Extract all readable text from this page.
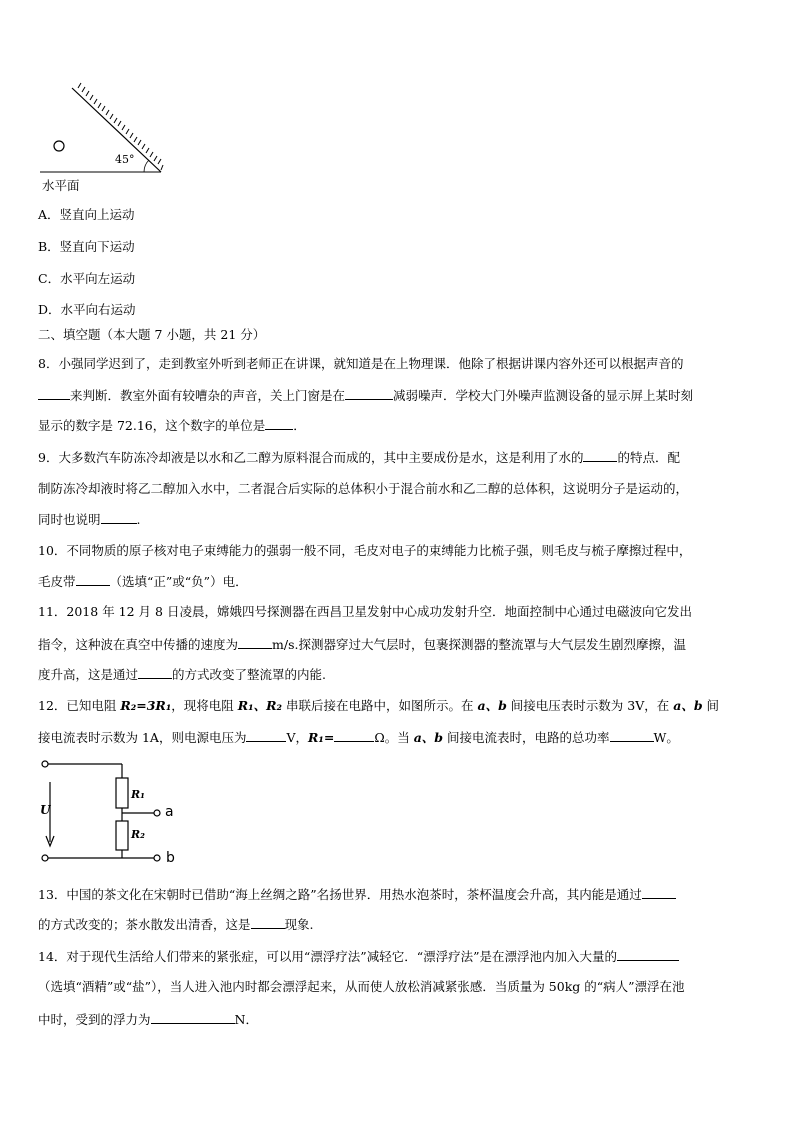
45°
水平面
A．竖直向上运动
B．竖直向下运动
C．水平向左运动
D．水平向右运动
二、填空题（本大题 7 小题，共 21 分）
8．小强同学迟到了，走到教室外听到老师正在讲课，就知道是在上物理课．他除了根据讲课内容外还可以根据声音的
来判断．教室外面有较嘈杂的声音，关上门窗是在	减弱噪声．学校大门外噪声监测设备的显示屏上某时刻
显示的数字是 72.16，这个数字的单位是 ．
9．大多数汽车防冻冷却液是以水和乙二醇为原料混合而成的，其中主要成份是水，这是利用了水的	的特点．配
制防冻冷却液时将乙二醇加入水中，二者混合后实际的总体积小于混合前水和乙二醇的总体积，这说明分子是运动的，
同时也说明	.
10．不同物质的原子核对电子束缚能力的强弱一般不同，毛皮对电子的束缚能力比梳子强，则毛皮与梳子摩擦过程中，
毛皮带	（选填“正”或“负”）电．
11．2018 年 12 月 8 日凌晨，嫦娥四号探测器在西昌卫星发射中心成功发射升空．地面控制中心通过电磁波向它发出
指令，这种波在真空中传播的速度为	m/s.探测器穿过大气层时，包裹探测器的整流罩与大气层发生剧烈摩擦，温
度升高，这是通过	的方式改变了整流罩的内能.
12．已知电阻 R₂=3R₁，现将电阻 R₁、R₂ 串联后接在电路中，如图所示。在 a、b 间接电压表时示数为 3V，在 a、b 间
接电流表时示数为 1A，则电源电压为	V，R₁=	Ω。当 a、b 间接电流表时，电路的总功率	W。
U
R₁
R₂
a
b
13．中国的茶文化在宋朝时已借助“海上丝绸之路”名扬世界．用热水泡茶时，茶杯温度会升高，其内能是通过
的方式改变的；茶水散发出清香，这是	现象.
14．对于现代生活给人们带来的紧张症，可以用“漂浮疗法”减轻它．“漂浮疗法”是在漂浮池内加入大量的
（选填“酒精”或“盐”），当人进入池内时都会漂浮起来，从而使人放松消减紧张感．当质量为 50kg 的“病人”漂浮在池
中时，受到的浮力为	N．
